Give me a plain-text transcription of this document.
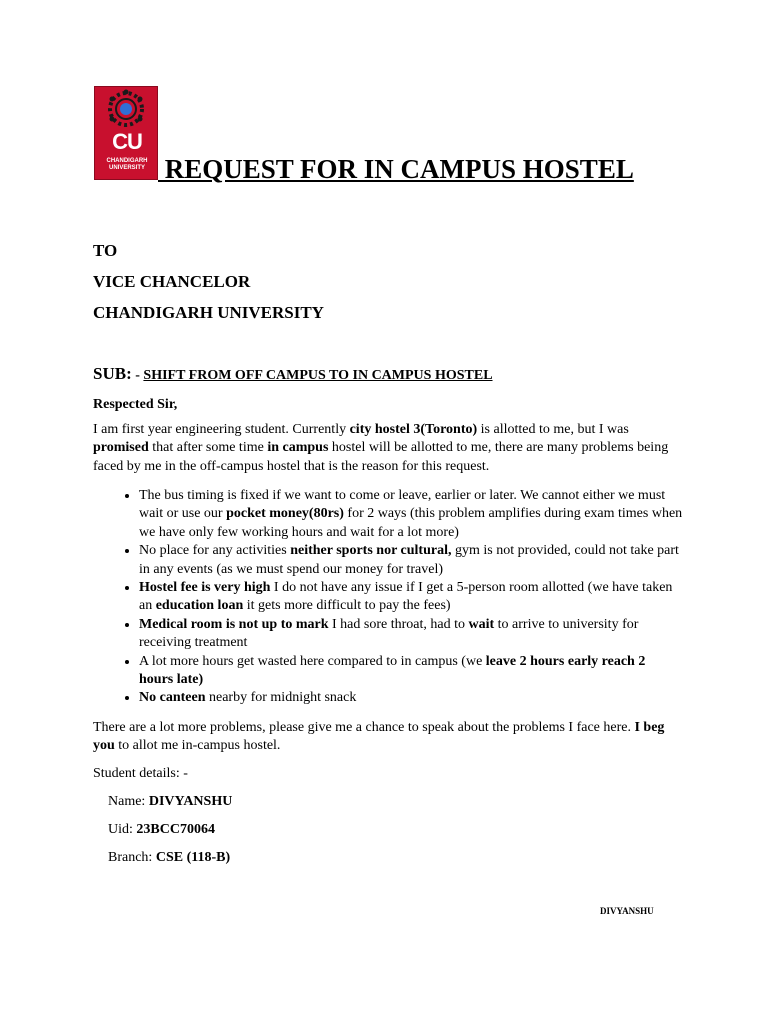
CU
CHANDIGARH
UNIVERSITY REQUEST FOR IN CAMPUS HOSTEL
TO
VICE CHANCELOR
CHANDIGARH UNIVERSITY
SUB: - SHIFT FROM OFF CAMPUS TO IN CAMPUS HOSTEL
Respected Sir,
I am first year engineering student. Currently city hostel 3(Toronto) is allotted to me, but I was promised that after some time in campus hostel will be allotted to me, there are many problems being faced by me in the off-campus hostel that is the reason for this request.
• The bus timing is fixed if we want to come or leave, earlier or later. We cannot either we must wait or use our pocket money(80rs) for 2 ways (this problem amplifies during exam times when we have only few working hours and wait for a lot more)
• No place for any activities neither sports nor cultural, gym is not provided, could not take part in any events (as we must spend our money for travel)
• Hostel fee is very high I do not have any issue if I get a 5-person room allotted (we have taken an education loan it gets more difficult to pay the fees)
• Medical room is not up to mark I had sore throat, had to wait to arrive to university for receiving treatment
• A lot more hours get wasted here compared to in campus (we leave 2 hours early reach 2 hours late)
• No canteen nearby for midnight snack
There are a lot more problems, please give me a chance to speak about the problems I face here. I beg you to allot me in-campus hostel.
Student details: -
Name: DIVYANSHU
Uid: 23BCC70064
Branch: CSE (118-B)
DIVYANSHU
